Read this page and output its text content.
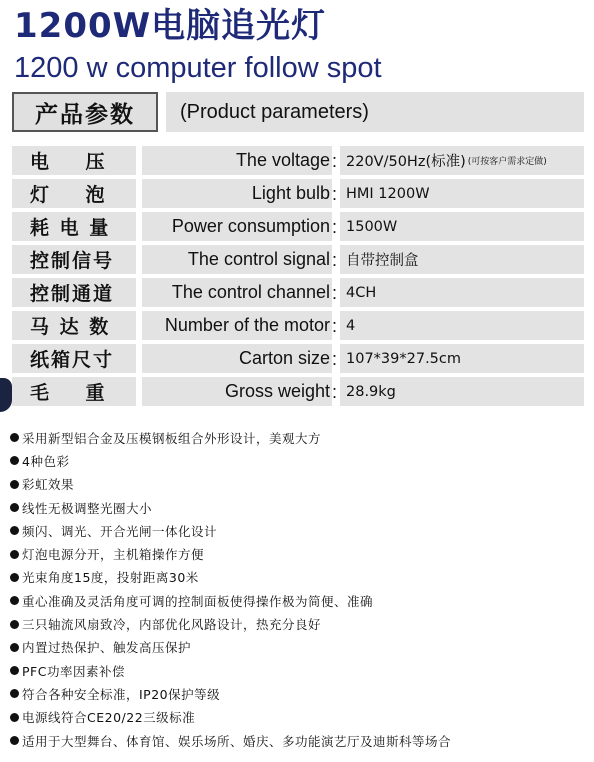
1200W电脑追光灯
1200 w computer follow spot
产品参数	(Product parameters)
电    压	The voltage : 220V/50Hz(标准) (可按客户需求定做)
灯    泡	Light bulb : HMI 1200W
耗 电 量	Power consumption : 1500W
控制信号	The control signal : 自带控制盒
控制通道	The control channel : 4CH
马 达 数	Number of the motor : 4
纸箱尺寸	Carton size : 107*39*27.5cm
毛    重	Gross weight : 28.9kg
采用新型铝合金及压模钢板组合外形设计，美观大方
4种色彩
彩虹效果
线性无极调整光圈大小
频闪、调光、开合光闸一体化设计
灯泡电源分开，主机箱操作方便
光束角度15度，投射距离30米
重心准确及灵活角度可调的控制面板使得操作极为简便、准确
三只轴流风扇致冷，内部优化风路设计，热充分良好
内置过热保护、触发高压保护
PFC功率因素补偿
符合各种安全标准，IP20保护等级
电源线符合CE20/22三级标准
适用于大型舞台、体育馆、娱乐场所、婚庆、多功能演艺厅及迪斯科等场合
